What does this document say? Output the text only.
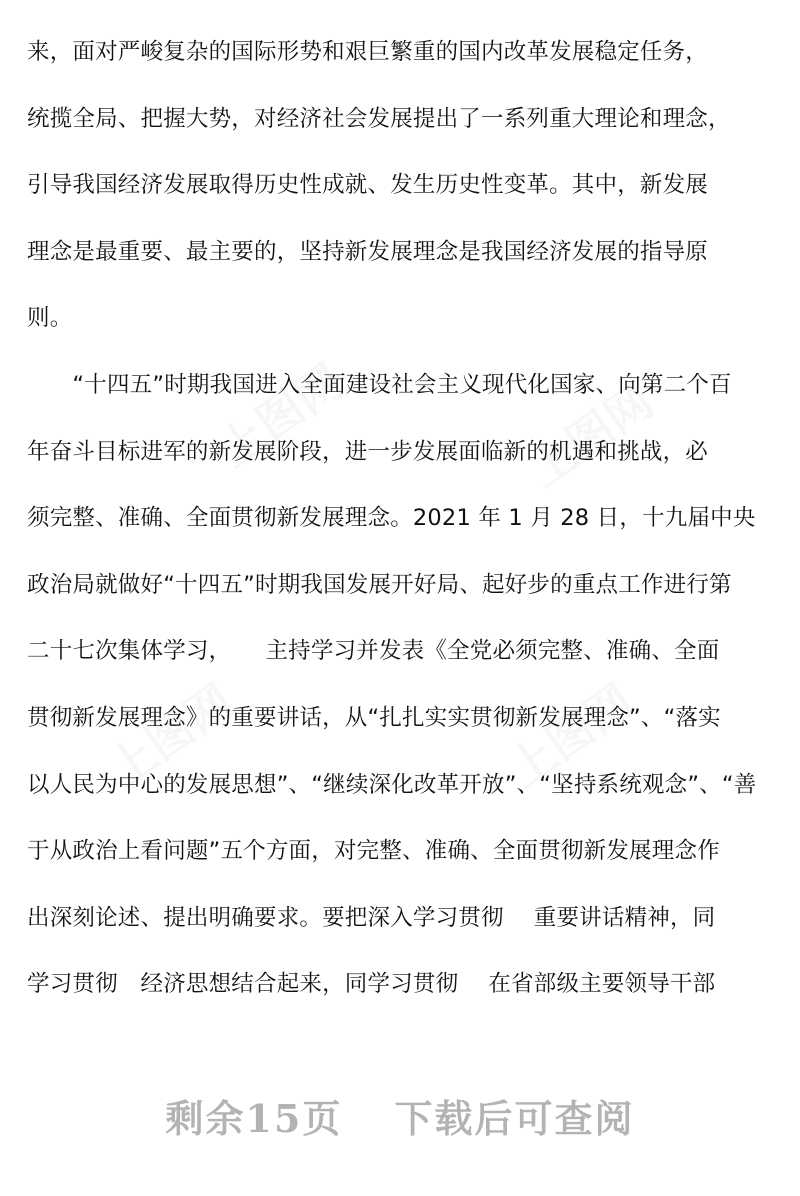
来，面对严峻复杂的国际形势和艰巨繁重的国内改革发展稳定任务，
统揽全局、把握大势，对经济社会发展提出了一系列重大理论和理念，
引导我国经济发展取得历史性成就、发生历史性变革。其中，新发展
理念是最重要、最主要的，坚持新发展理念是我国经济发展的指导原
则。
　　“十四五”时期我国进入全面建设社会主义现代化国家、向第二个百
年奋斗目标进军的新发展阶段，进一步发展面临新的机遇和挑战，必
须完整、准确、全面贯彻新发展理念。2021 年 1 月 28 日，十九届中央
政治局就做好“十四五”时期我国发展开好局、起好步的重点工作进行第
二十七次集体学习，　　主持学习并发表《全党必须完整、准确、全面
贯彻新发展理念》的重要讲话，从“扎扎实实贯彻新发展理念”、“落实
以人民为中心的发展思想”、“继续深化改革开放”、“坚持系统观念”、“善
于从政治上看问题”五个方面，对完整、准确、全面贯彻新发展理念作
出深刻论述、提出明确要求。要把深入学习贯彻　 重要讲话精神，同
学习贯彻　经济思想结合起来，同学习贯彻　 在省部级主要领导干部
剩余15页 下载后可查阅
